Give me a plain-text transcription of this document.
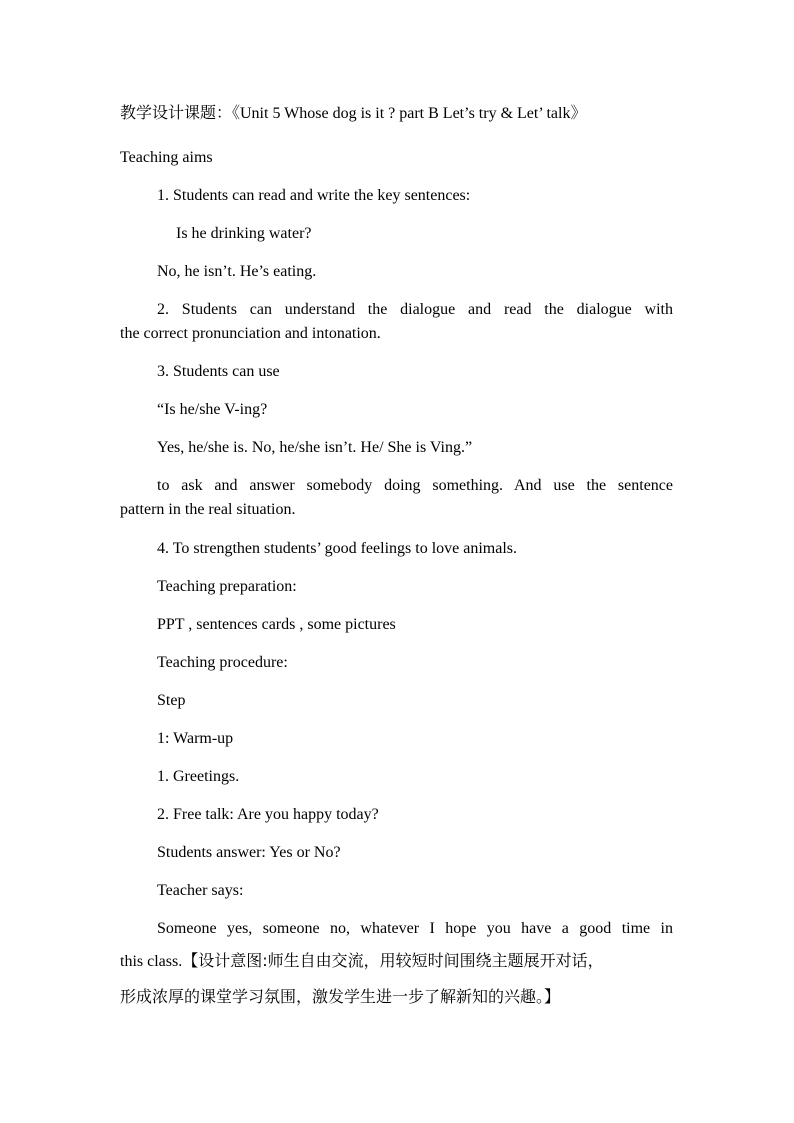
教学设计课题：《Unit 5 Whose dog is it ? part B Let’s try & Let’ talk》
Teaching aims
1. Students can read and write the key sentences:
Is he drinking water?
No, he isn’t. He’s eating.
2. Students can understand the dialogue and read the dialogue with
the correct pronunciation and intonation.
3. Students can use
“Is he/she V-ing?
Yes, he/she is. No, he/she isn’t. He/ She is Ving.”
to ask and answer somebody doing something. And use the sentence
pattern in the real situation.
4. To strengthen students’ good feelings to love animals.
Teaching preparation:
PPT , sentences cards , some pictures
Teaching procedure:
Step
1: Warm-up
1. Greetings.
2. Free talk: Are you happy today?
Students answer: Yes or No?
Teacher says:
Someone yes, someone no, whatever I hope you have a good time in
this class.【设计意图:师生自由交流，用较短时间围绕主题展开对话，
形成浓厚的课堂学习氛围，激发学生进一步了解新知的兴趣。】
